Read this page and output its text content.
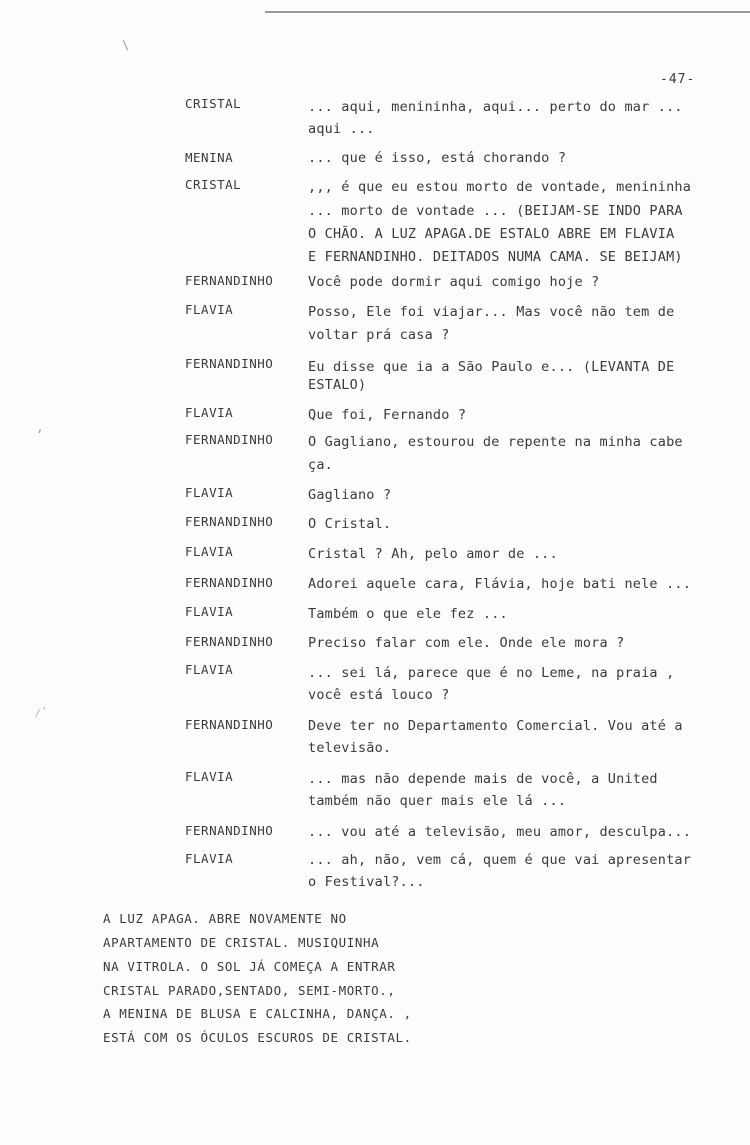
\
ʼ
⁄`
-47-
CRISTAL	... aqui, menininha, aqui... perto do mar ...
aqui ...
MENINA	... que é isso, está chorando ?
CRISTAL	,,, é que eu estou morto de vontade, menininha
... morto de vontade ... (BEIJAM-SE INDO PARA
O CHÃO. A LUZ APAGA.DE ESTALO ABRE EM FLAVIA
E FERNANDINHO. DEITADOS NUMA CAMA. SE BEIJAM)
FERNANDINHO	Você pode dormir aqui comigo hoje ?
FLAVIA	Posso, Ele foi viajar... Mas você não tem de
voltar prá casa ?
FERNANDINHO	Eu disse que ia a São Paulo e... (LEVANTA DE
ESTALO)
FLAVIA	Que foi, Fernando ?
FERNANDINHO	O Gagliano, estourou de repente na minha cabe
ça.
FLAVIA	Gagliano ?
FERNANDINHO	O Cristal.
FLAVIA	Cristal ? Ah, pelo amor de ...
FERNANDINHO	Adorei aquele cara, Flávia, hoje bati nele ...
FLAVIA	Também o que ele fez ...
FERNANDINHO	Preciso falar com ele. Onde ele mora ?
FLAVIA	... sei lá, parece que é no Leme, na praia ,
você está louco ?
FERNANDINHO	Deve ter no Departamento Comercial. Vou até a
televisão.
FLAVIA	... mas não depende mais de você, a United
também não quer mais ele lá ...
FERNANDINHO	... vou até a televisão, meu amor, desculpa...
FLAVIA	... ah, não, vem cá, quem é que vai apresentar
o Festival?...
A LUZ APAGA. ABRE NOVAMENTE NO
APARTAMENTO DE CRISTAL. MUSIQUINHA
NA VITROLA. O SOL JÁ COMEÇA A ENTRAR
CRISTAL PARADO,SENTADO, SEMI-MORTO.,
A MENINA DE BLUSA E CALCINHA, DANÇA. ,
ESTÁ COM OS ÓCULOS ESCUROS DE CRISTAL.
